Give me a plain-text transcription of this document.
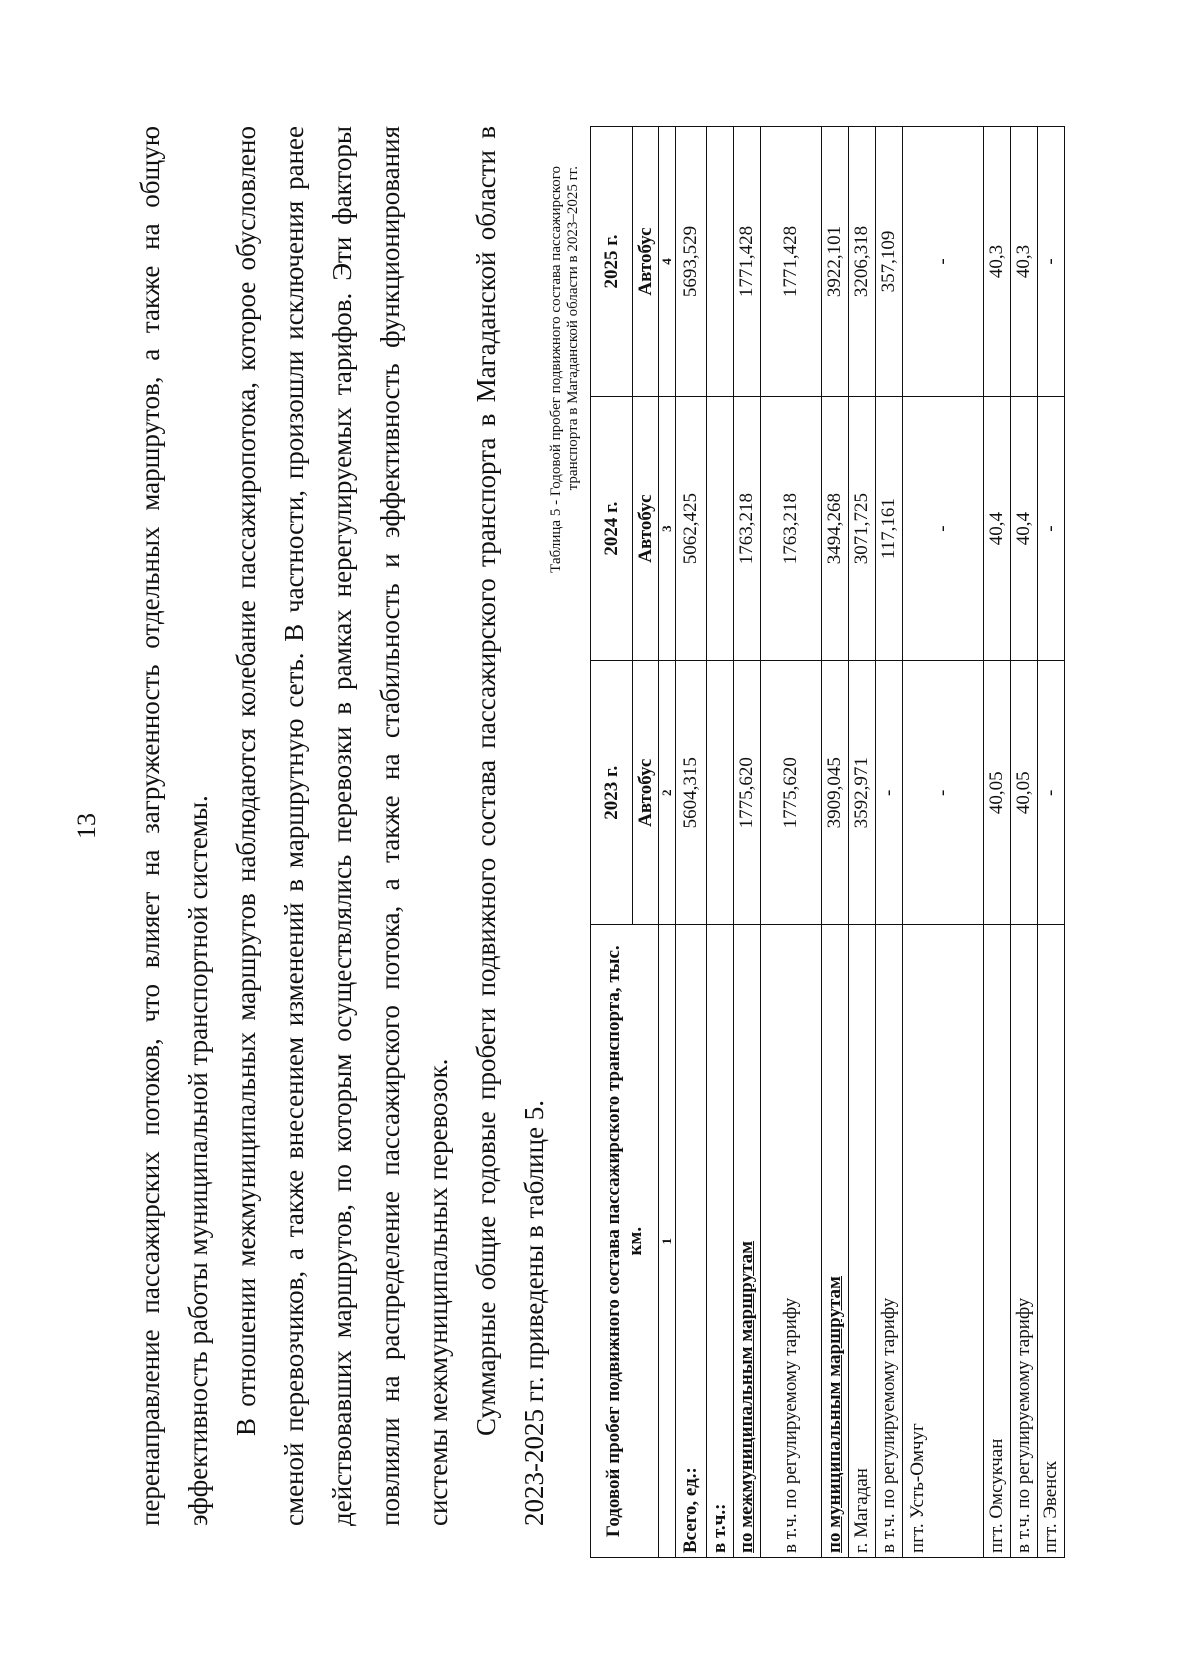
13	перенаправление пассажирских потоков, что влияет на загруженность отдельных маршрутов, а также на общую эффективность работы муниципальной транспортной системы. В отношении межмуниципальных маршрутов наблюдаются колебание пассажиропотока, которое обусловлено сменой перевозчиков, а также внесением изменений в маршрутную сеть. В частности, произошли исключения ранее действовавших маршрутов, по которым осуществлялись перевозки в рамках нерегулируемых тарифов. Эти факторы повлияли на распределение пассажирского потока, а также на стабильность и эффективность функционирования системы межмуниципальных перевозок. Суммарные общие годовые пробеги подвижного состава пассажирского транспорта в Магаданской области в 2023-2025 гг. приведены в таблице 5.

Таблица 5 - Годовой пробег подвижного состава пассажирского транспорта в Магаданской области в 2023–2025 гг.
Годовой пробег подвижного состава пассажирского транспорта, тыс. км.	2023 г.	2024 г.	2025 г.
	Автобус	Автобус	Автобус
1	2	3	4
Всего, ед.:	5604,315	5062,425	5693,529
в т.ч.:			
по межмуниципальным маршрутам	1775,620	1763,218	1771,428
в т.ч. по регулируемому тарифу	1775,620	1763,218	1771,428
по муниципальным маршрутам	3909,045	3494,268	3922,101
г. Магадан	3592,971	3071,725	3206,318
в т.ч. по регулируемому тарифу	-	117,161	357,109
пгт. Усть-Омчуг	-	-	-
пгт. Омсукчан	40,05	40,4	40,3
в т.ч. по регулируемому тарифу	40,05	40,4	40,3
пгт. Эвенск	-	-	-
